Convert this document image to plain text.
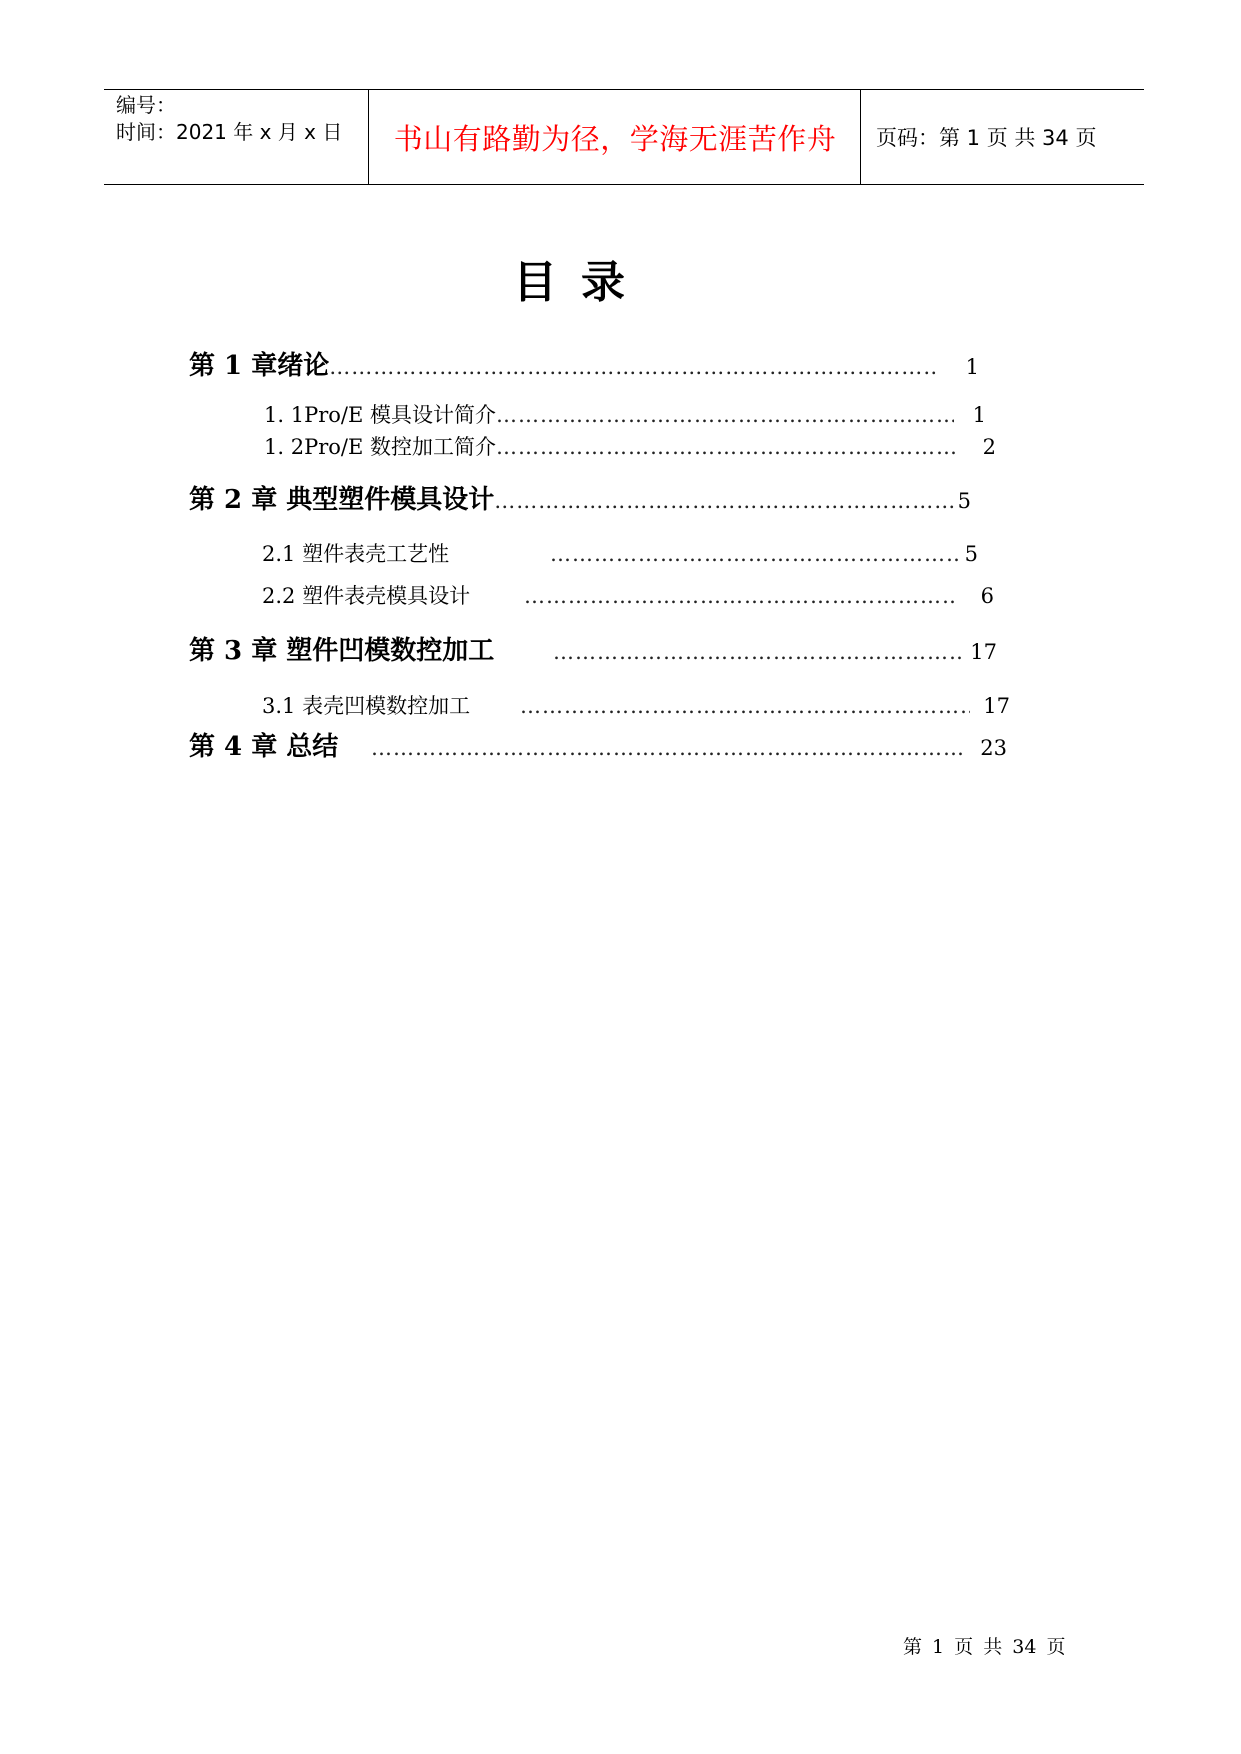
编号：
时间：2021 年 x 月 x 日 书山有路勤为径，学海无涯苦作舟 页码：第 1 页 共 34 页
目录
第 1 章绪论 ……………………………………………………………………………………………………………………………………	1
1. 1Pro/E 模具设计简介 ……………………………………………………………………………………………………………………………………	1
1. 2Pro/E 数控加工简介 ……………………………………………………………………………………………………………………………………	2
第 2 章 典型塑件模具设计 ……………………………………………………………………………………………………………………………………	5
2.1 塑件表壳工艺性 ……………………………………………………………………………………………………………………………………	5
2.2 塑件表壳模具设计 ……………………………………………………………………………………………………………………………………	6
第 3 章 塑件凹模数控加工 ……………………………………………………………………………………………………………………………………	17
3.1 表壳凹模数控加工 ……………………………………………………………………………………………………………………………………	17
第 4 章 总结 ……………………………………………………………………………………………………………………………………	23
第 1 页 共 34 页
